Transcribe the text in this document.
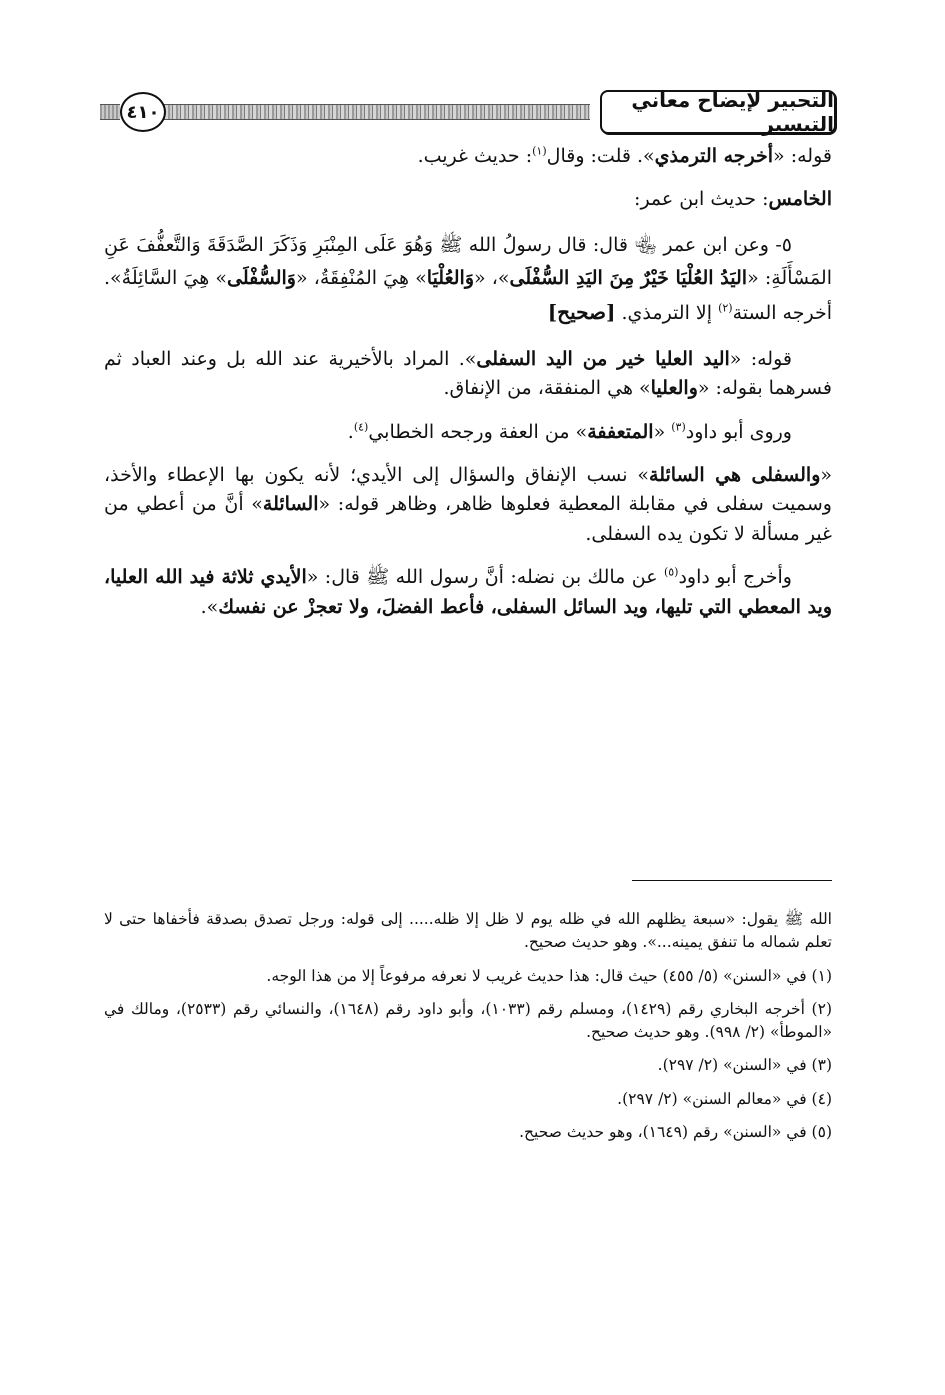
٤١٠	التحبير لإيضاح معاني التيسير

قوله: «أخرجه الترمذي». قلت: وقال$^{(١)}$: حديث غريب.

الخامس: حديث ابن عمر:

٥- وعن ابن عمر ﵄ قال: قال رسولُ الله ﷺ وَهُوَ عَلَى المِنْبَرِ وَذَكَرَ الصَّدَقَةَ وَالتَّعفُّفَ عَنِ المَسْأَلَةِ: «اليَدُ العُلْيَا خَيْرٌ مِنَ اليَدِ السُّفْلَى»، «وَالعُلْيَا» هِيَ المُنْفِقَةُ، «وَالسُّفْلَى» هِيَ السَّائِلَةُ». أخرجه الستة$^{(٢)}$ إلا الترمذي. [صحيح]

قوله: «اليد العليا خير من اليد السفلى». المراد بالأخيرية عند الله بل وعند العباد ثم فسرهما بقوله: «والعليا» هي المنفقة، من الإنفاق.

وروى أبو داود$^{(٣)}$ «المتعففة» من العفة ورجحه الخطابي$^{(٤)}$.

«والسفلى هي السائلة» نسب الإنفاق والسؤال إلى الأيدي؛ لأنه يكون بها الإعطاء والأخذ، وسميت سفلى في مقابلة المعطية فعلوها ظاهر، وظاهر قوله: «السائلة» أنَّ من أعطي من غير مسألة لا تكون يده السفلى.

وأخرج أبو داود$^{(٥)}$ عن مالك بن نضله: أنَّ رسول الله ﷺ قال: «الأيدي ثلاثة فيد الله العليا، ويد المعطي التي تليها، ويد السائل السفلى، فأعط الفضلَ، ولا تعجزْ عن نفسك».

الله ﷺ يقول: «سبعة يظلهم الله في ظله يوم لا ظل إلا ظله..... إلى قوله: ورجل تصدق بصدقة فأخفاها حتى لا تعلم شماله ما تنفق يمينه...». وهو حديث صحيح.

(١) في «السنن» (٥/ ٤٥٥) حيث قال: هذا حديث غريب لا نعرفه مرفوعاً إلا من هذا الوجه.

(٢) أخرجه البخاري رقم (١٤٢٩)، ومسلم رقم (١٠٣٣)، وأبو داود رقم (١٦٤٨)، والنسائي رقم (٢٥٣٣)، ومالك في «الموطأ» (٢/ ٩٩٨). وهو حديث صحيح.

(٣) في «السنن» (٢/ ٢٩٧).

(٤) في «معالم السنن» (٢/ ٢٩٧).

(٥) في «السنن» رقم (١٦٤٩)، وهو حديث صحيح.
